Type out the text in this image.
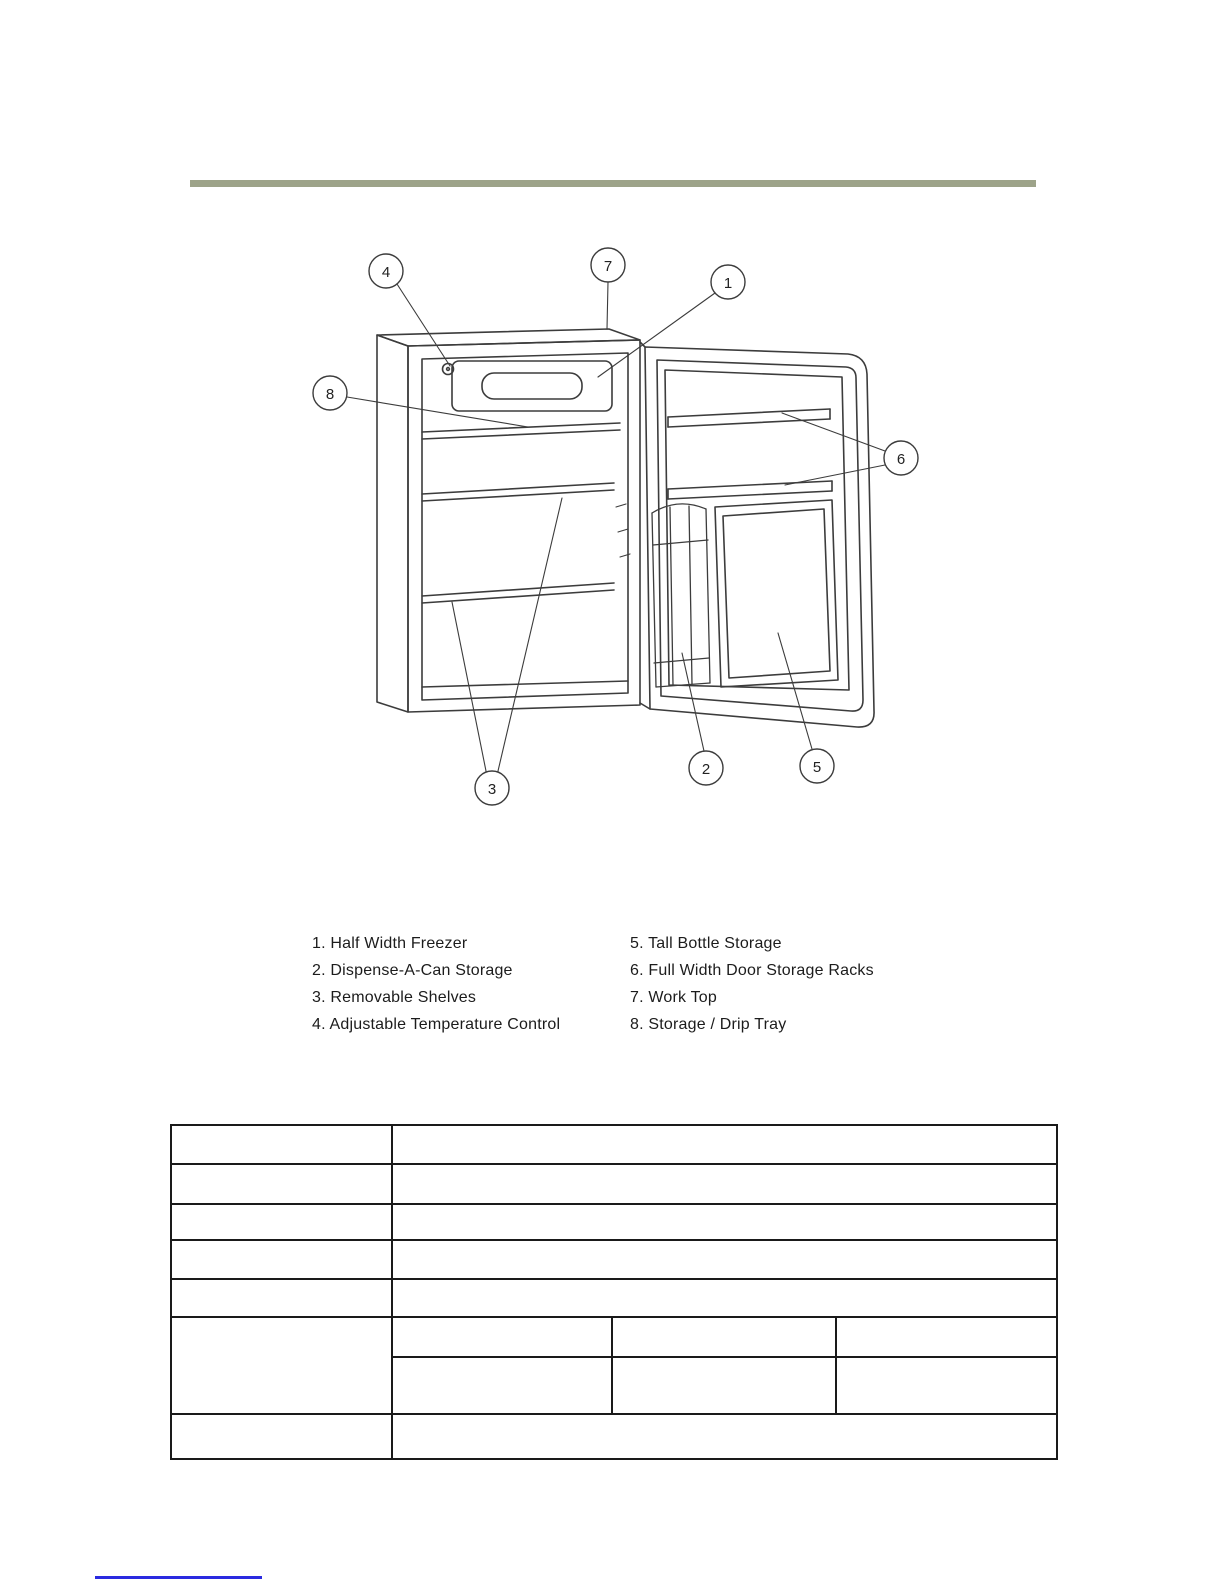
4	7
1
8
6
3
2	5
1. Half Width Freezer
2. Dispense-A-Can Storage
3. Removable Shelves
4. Adjustable Temperature Control
5. Tall Bottle Storage
6. Full Width Door Storage Racks
7. Work Top
8. Storage / Drip Tray
